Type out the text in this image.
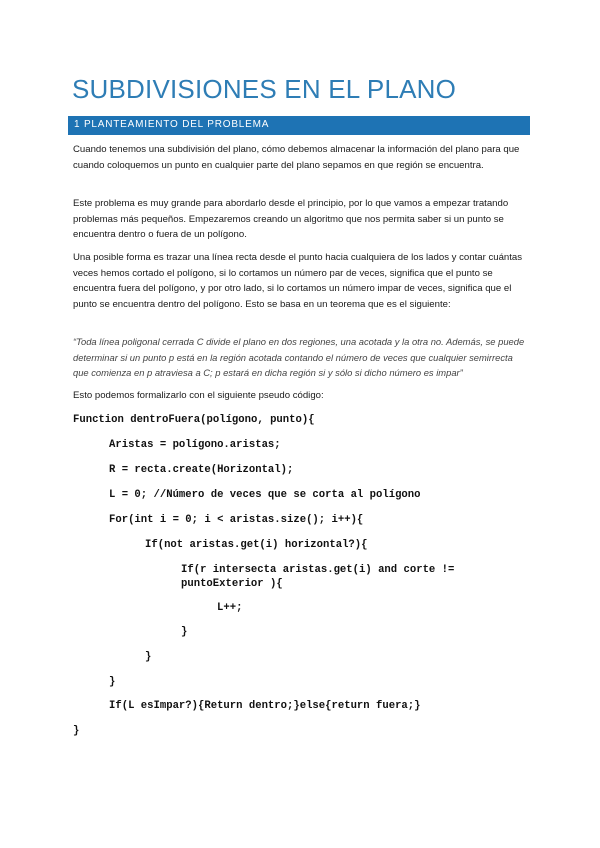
SUBDIVISIONES EN EL PLANO
1 PLANTEAMIENTO DEL PROBLEMA

Cuando tenemos una subdivisión del plano, cómo debemos almacenar la información del plano para que cuando coloquemos un punto en cualquier parte del plano sepamos en que región se encuentra.

Este problema es muy grande para abordarlo desde el principio, por lo que vamos a empezar tratando problemas más pequeños. Empezaremos creando un algoritmo que nos permita saber si un punto se encuentra dentro o fuera de un polígono.

Una posible forma es trazar una línea recta desde el punto hacia cualquiera de los lados y contar cuántas veces hemos cortado el polígono, si lo cortamos un número par de veces, significa que el punto se encuentra fuera del polígono, y por otro lado, si lo cortamos un número impar de veces, significa que el punto se encuentra dentro del polígono. Esto se basa en un teorema que es el siguiente:

“Toda línea poligonal cerrada C divide el plano en dos regiones, una acotada y la otra no. Además, se puede determinar si un punto p está en la región acotada contando el número de veces que cualquier semirrecta que comienza en p atraviesa a C; p estará en dicha región si y sólo si dicho número es impar”

Esto podemos formalizarlo con el siguiente pseudo código:

Function dentroFuera(polígono, punto){
Aristas = polígono.aristas;
R = recta.create(Horizontal);
L = 0; //Número de veces que se corta al polígono
For(int i = 0; i < aristas.size(); i++){
If(not aristas.get(i) horizontal?){
If(r intersecta aristas.get(i) and corte !=
puntoExterior ){
L++;
}
}
}
If(L esImpar?){Return dentro;}else{return fuera;}
}
